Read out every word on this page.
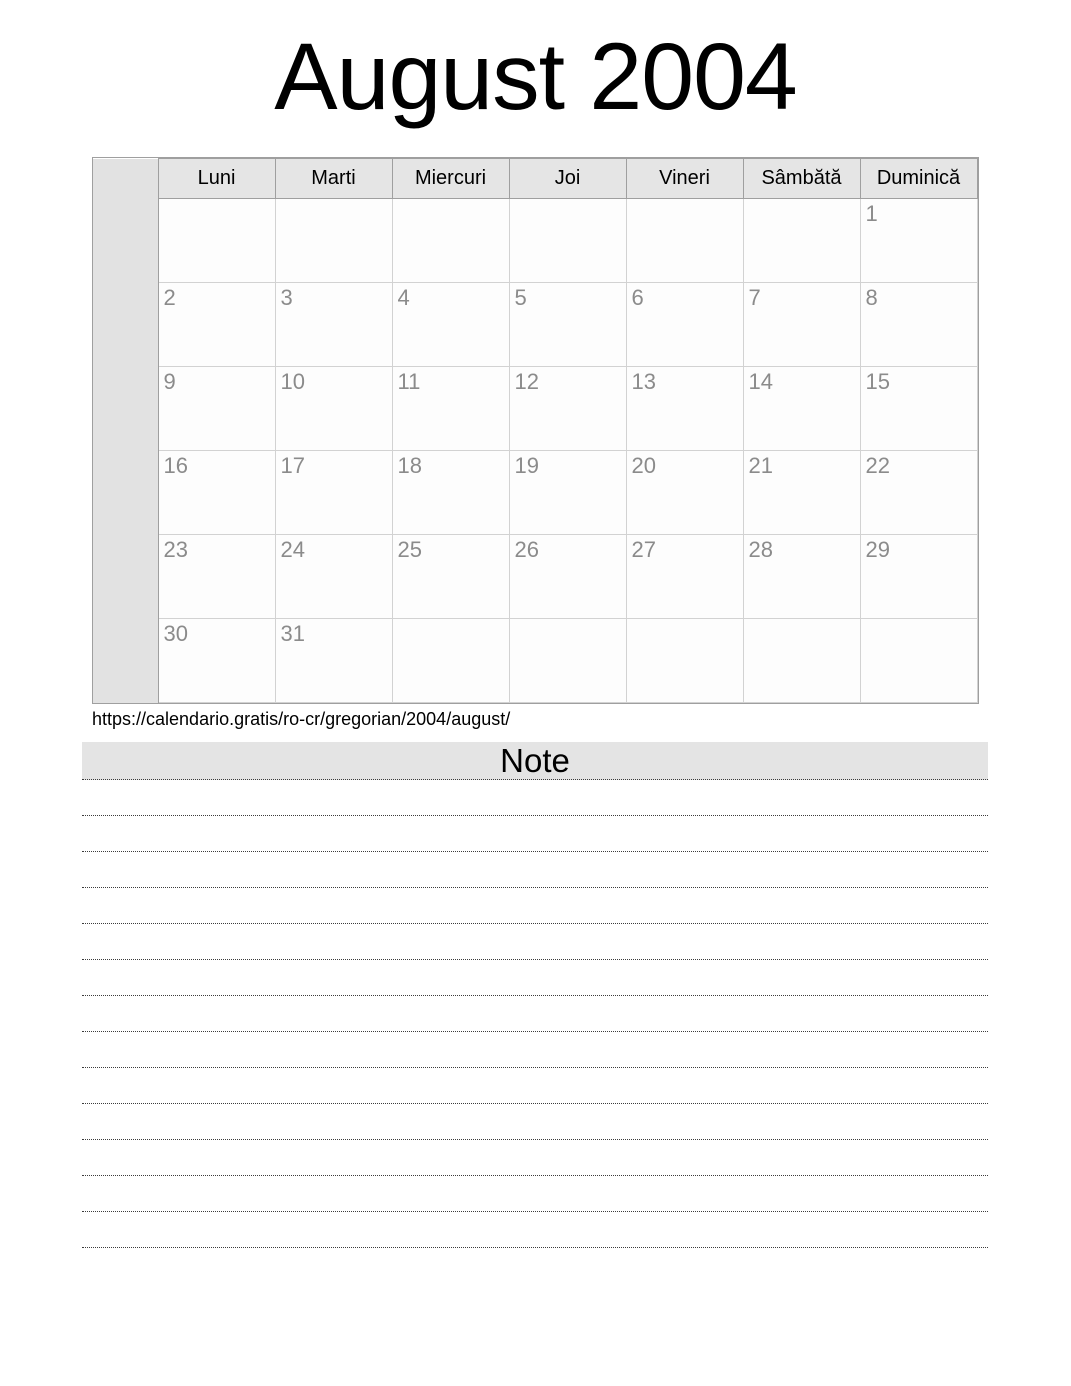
August 2004
	Luni	Marti	Miercuri	Joi	Vineri	Sâmbătă	Duminică
							1
	2	3	4	5	6	7	8
	9	10	11	12	13	14	15
	16	17	18	19	20	21	22
	23	24	25	26	27	28	29
	30	31					
https://calendario.gratis/ro-cr/gregorian/2004/august/
Note
